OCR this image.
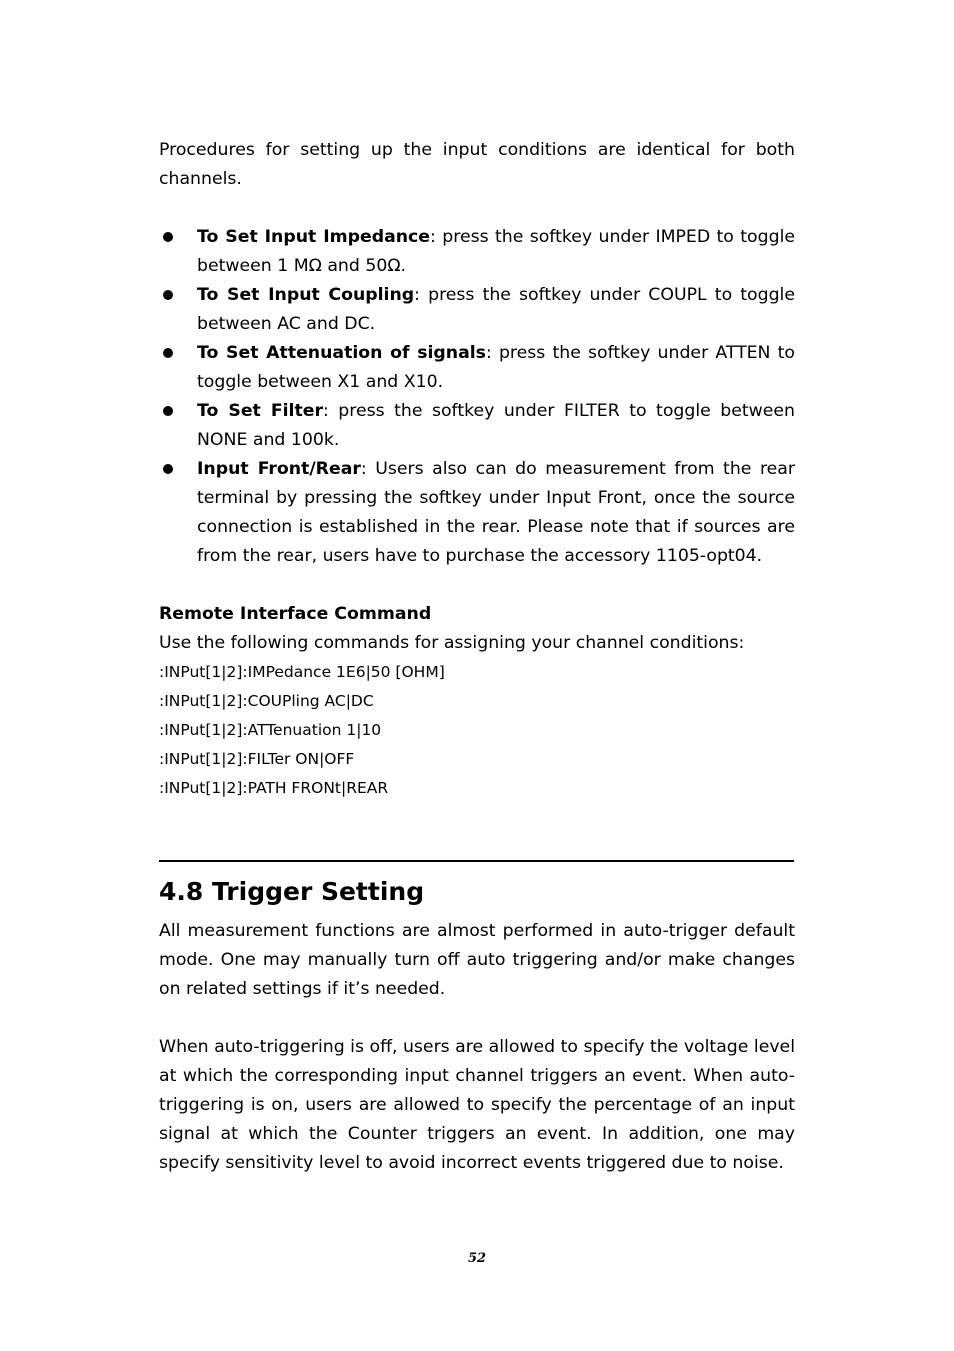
Procedures for setting up the input conditions are identical for both channels.

To Set Input Impedance: press the softkey under IMPED to toggle between 1 MΩ and 50Ω.
To Set Input Coupling: press the softkey under COUPL to toggle between AC and DC.
To Set Attenuation of signals: press the softkey under ATTEN to toggle between X1 and X10.
To Set Filter: press the softkey under FILTER to toggle between NONE and 100k.
Input Front/Rear: Users also can do measurement from the rear terminal by pressing the softkey under Input Front, once the source connection is established in the rear. Please note that if sources are from the rear, users have to purchase the accessory 1105-opt04.

Remote Interface Command

Use the following commands for assigning your channel conditions:

:INPut[1|2]:IMPedance 1E6|50 [OHM]

:INPut[1|2]:COUPling AC|DC

:INPut[1|2]:ATTenuation 1|10

:INPut[1|2]:FILTer ON|OFF

:INPut[1|2]:PATH FRONt|REAR

4.8 Trigger Setting

All measurement functions are almost performed in auto-trigger default mode. One may manually turn off auto triggering and/or make changes on related settings if it’s needed.

When auto-triggering is off, users are allowed to specify the voltage level at which the corresponding input channel triggers an event. When auto-triggering is on, users are allowed to specify the percentage of an input signal at which the Counter triggers an event. In addition, one may specify sensitivity level to avoid incorrect events triggered due to noise.

52
